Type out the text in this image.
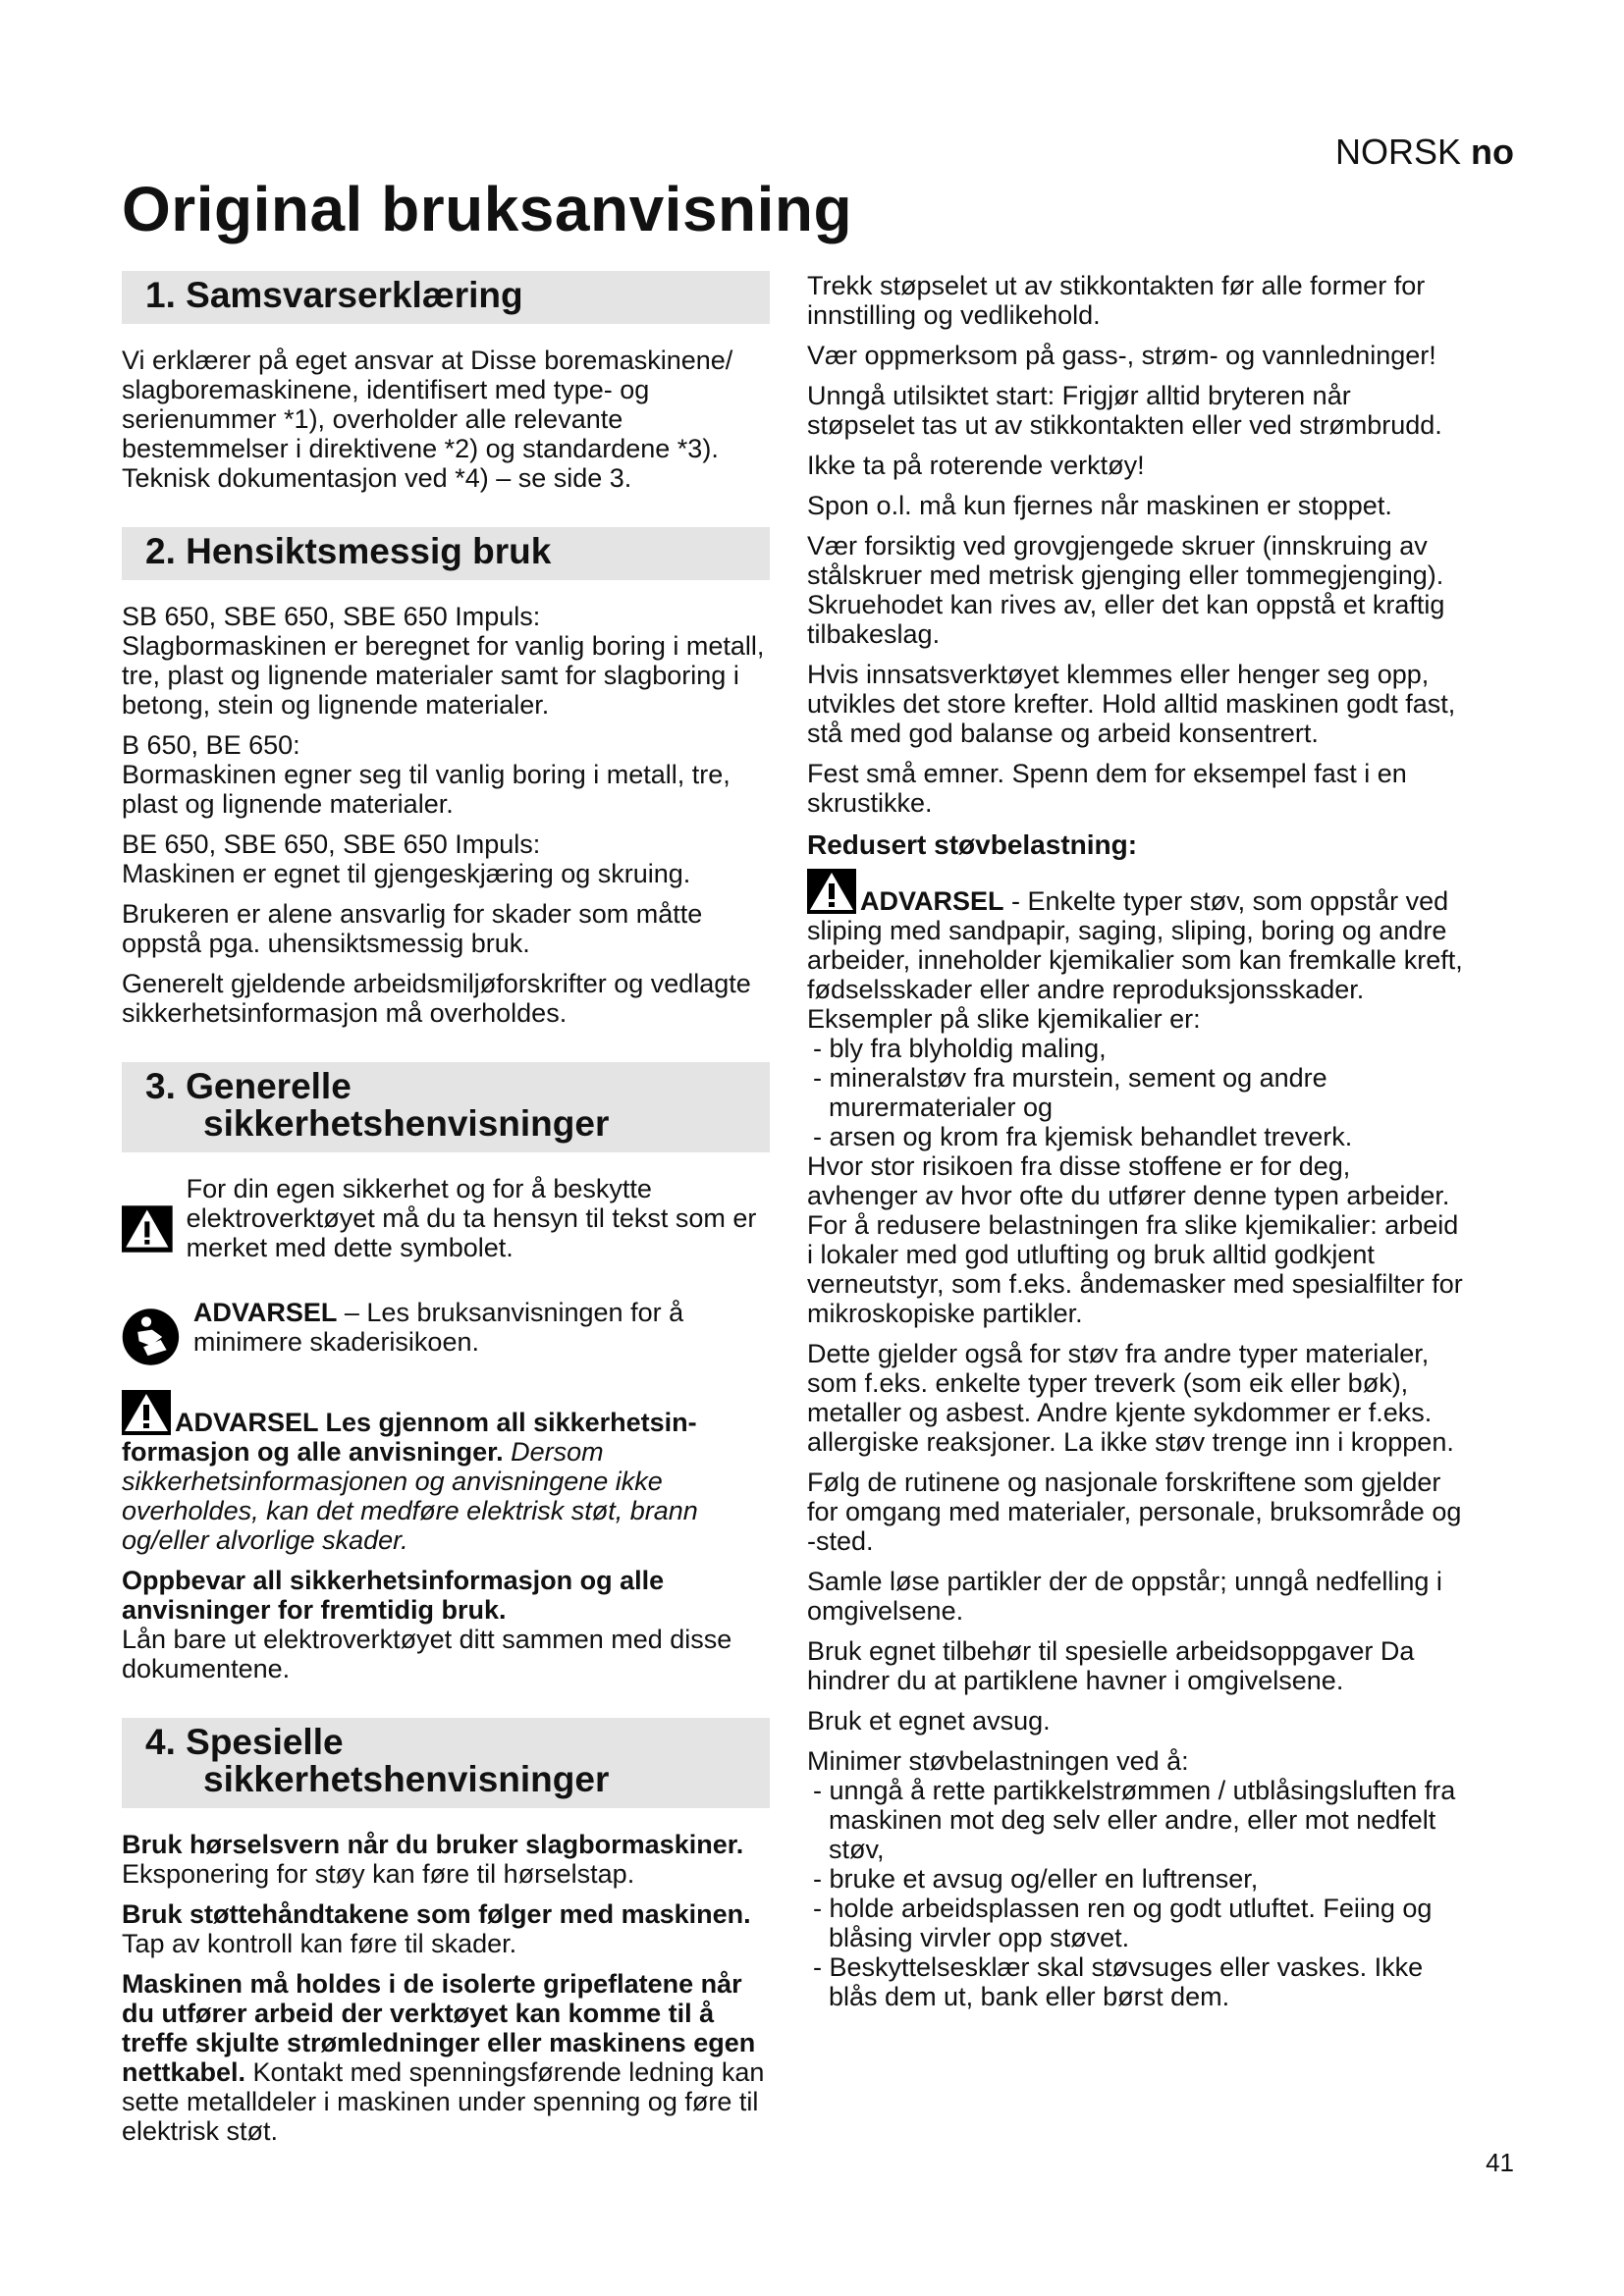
NORSK no
Original bruksanvisning
1. Samsvarserklæring

Vi erklærer på eget ansvar at Disse boremaskinene/ slagboremaskinene, identifisert med type- og serienummer *1), overholder alle relevante bestemmelser i direktivene *2) og standardene *3). Teknisk dokumentasjon ved *4) – se side 3.

2. Hensiktsmessig bruk

SB 650, SBE 650, SBE 650 Impuls:
Slagbormaskinen er beregnet for vanlig boring i metall, tre, plast og lignende materialer samt for slagboring i betong, stein og lignende materialer.

B 650, BE 650:
Bormaskinen egner seg til vanlig boring i metall, tre, plast og lignende materialer.

BE 650, SBE 650, SBE 650 Impuls:
Maskinen er egnet til gjengeskjæring og skruing.

Brukeren er alene ansvarlig for skader som måtte oppstå pga. uhensiktsmessig bruk.

Generelt gjeldende arbeidsmiljøforskrifter og vedlagte sikkerhetsinformasjon må overholdes.

3. Generelle
sikkerhetshenvisninger

For din egen sikkerhet og for å beskytte elektroverktøyet må du ta hensyn til tekst som er merket med dette symbolet.

ADVARSEL – Les bruksanvisningen for å minimere skaderisikoen.

ADVARSEL Les gjennom all sikkerhetsin-formasjon og alle anvisninger. Dersom sikkerhetsinformasjonen og anvisningene ikke overholdes, kan det medføre elektrisk støt, brann og/eller alvorlige skader.

Oppbevar all sikkerhetsinformasjon og alle anvisninger for fremtidig bruk.
Lån bare ut elektroverktøyet ditt sammen med disse dokumentene.

4. Spesielle
sikkerhetshenvisninger

Bruk hørselsvern når du bruker slagbormaskiner. Eksponering for støy kan føre til hørselstap.

Bruk støttehåndtakene som følger med maskinen. Tap av kontroll kan føre til skader.

Maskinen må holdes i de isolerte gripeflatene når du utfører arbeid der verktøyet kan komme til å treffe skjulte strømledninger eller maskinens egen nettkabel. Kontakt med spenningsførende ledning kan sette metalldeler i maskinen under spenning og føre til elektrisk støt.

Trekk støpselet ut av stikkontakten før alle former for innstilling og vedlikehold.

Vær oppmerksom på gass-, strøm- og vannledninger!

Unngå utilsiktet start: Frigjør alltid bryteren når støpselet tas ut av stikkontakten eller ved strømbrudd.

Ikke ta på roterende verktøy!

Spon o.l. må kun fjernes når maskinen er stoppet.

Vær forsiktig ved grovgjengede skruer (innskruing av stålskruer med metrisk gjenging eller tommegjenging). Skruehodet kan rives av, eller det kan oppstå et kraftig tilbakeslag.

Hvis innsatsverktøyet klemmes eller henger seg opp, utvikles det store krefter. Hold alltid maskinen godt fast, stå med god balanse og arbeid konsentrert.

Fest små emner. Spenn dem for eksempel fast i en skrustikke.

Redusert støvbelastning:

ADVARSEL - Enkelte typer støv, som oppstår ved sliping med sandpapir, saging, sliping, boring og andre arbeider, inneholder kjemikalier som kan fremkalle kreft, fødselsskader eller andre reproduksjonsskader. Eksempler på slike kjemikalier er:

- bly fra blyholdig maling,
- mineralstøv fra murstein, sement og andre murermaterialer og
- arsen og krom fra kjemisk behandlet treverk.

Hvor stor risikoen fra disse stoffene er for deg, avhenger av hvor ofte du utfører denne typen arbeider. For å redusere belastningen fra slike kjemikalier: arbeid i lokaler med god utlufting og bruk alltid godkjent verneutstyr, som f.eks. åndemasker med spesialfilter for mikroskopiske partikler.

Dette gjelder også for støv fra andre typer materialer, som f.eks. enkelte typer treverk (som eik eller bøk), metaller og asbest. Andre kjente sykdommer er f.eks. allergiske reaksjoner. La ikke støv trenge inn i kroppen.

Følg de rutinene og nasjonale forskriftene som gjelder for omgang med materialer, personale, bruksområde og -sted.

Samle løse partikler der de oppstår; unngå nedfelling i omgivelsene.

Bruk egnet tilbehør til spesielle arbeidsoppgaver Da hindrer du at partiklene havner i omgivelsene.

Bruk et egnet avsug.

Minimer støvbelastningen ved å:

- unngå å rette partikkelstrømmen / utblåsingsluften fra maskinen mot deg selv eller andre, eller mot nedfelt støv,
- bruke et avsug og/eller en luftrenser,
- holde arbeidsplassen ren og godt utluftet. Feiing og blåsing virvler opp støvet.
- Beskyttelsesklær skal støvsuges eller vaskes. Ikke blås dem ut, bank eller børst dem.
41
